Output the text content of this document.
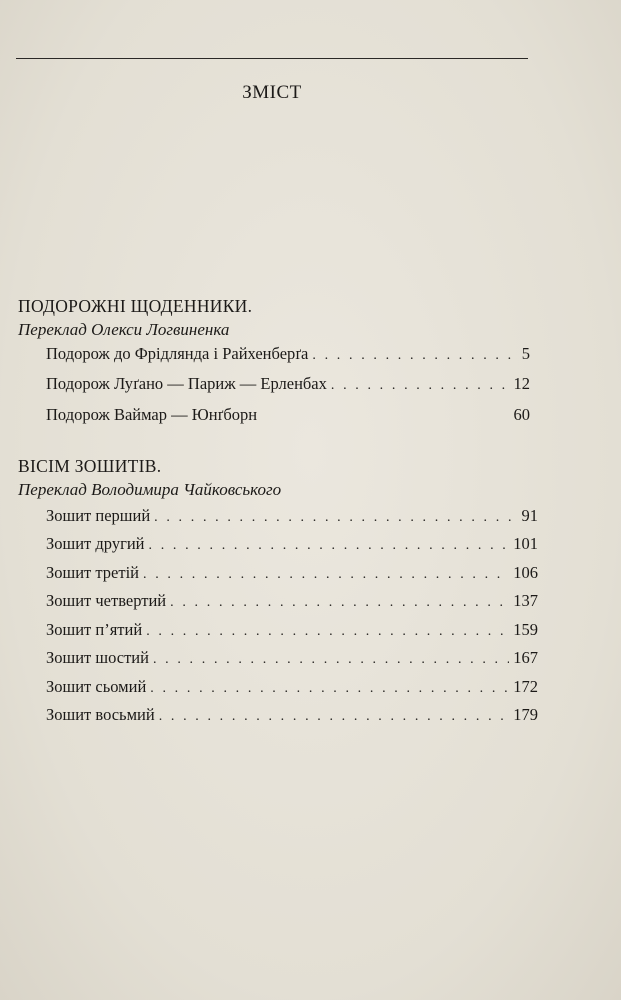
ЗМІСТ
ПОДОРОЖНІ ЩОДЕННИКИ.
Переклад Олекси Логвиненка
Подорож до Фрідлянда і Райхенберґа . . .	5
Подорож Луґано — Париж — Ерленбах . . .	12
Подорож Ваймар — Юнґборн	60
ВІСІМ ЗОШИТІВ.
Переклад Володимира Чайковського
Зошит перший . . .	91
Зошит другий . . .	101
Зошит третій . . .	106
Зошит четвертий . . .	137
Зошит п’ятий . . .	159
Зошит шостий . . .	167
Зошит сьомий . . .	172
Зошит восьмий . . .	179
